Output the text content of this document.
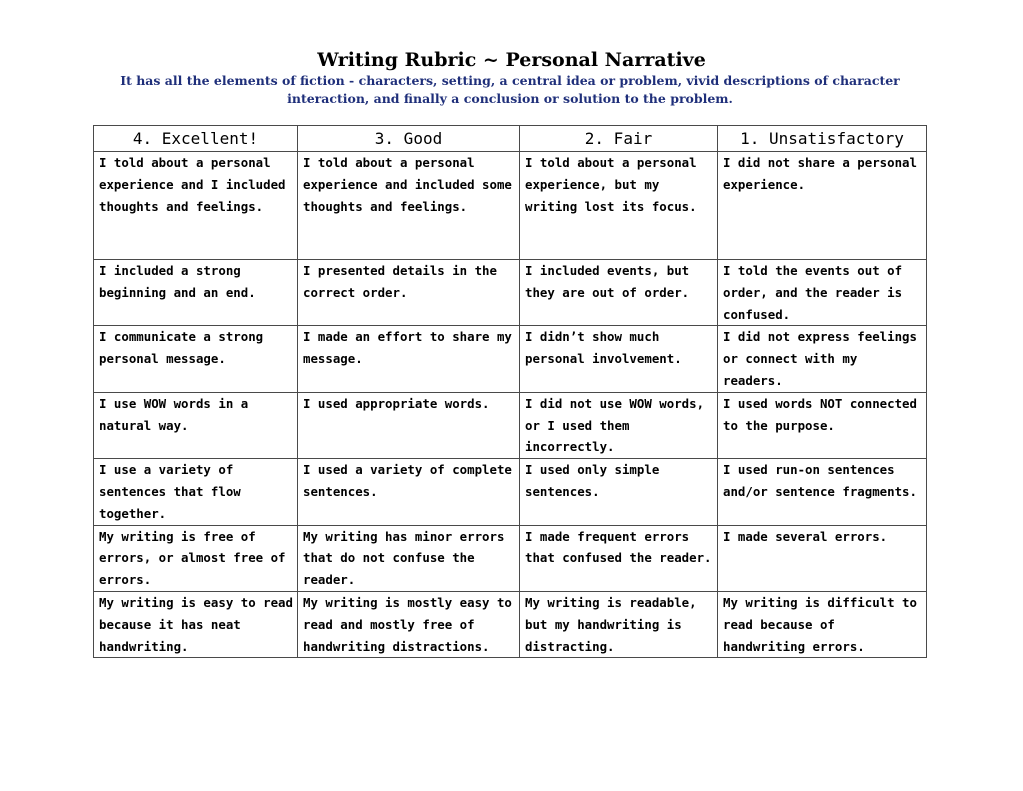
Writing Rubric ~ Personal Narrative

It has all the elements of fiction - characters, setting, a central idea or problem, vivid descriptions of character interaction, and finally a conclusion or solution to the problem.

4. Excellent!	3. Good	2. Fair	1. Unsatisfactory
I told about a personal experience and I included thoughts and feelings.	I told about a personal experience and included some thoughts and feelings.	I told about a personal experience, but my writing lost its focus.	I did not share a personal experience.
I included a strong beginning and an end.	I presented details in the correct order.	I included events, but they are out of order.	I told the events out of order, and the reader is confused.
I communicate a strong personal message.	I made an effort to share my message.	I didn’t show much personal involvement.	I did not express feelings or connect with my readers.
I use WOW words in a natural way.	I used appropriate words.	I did not use WOW words, or I used them incorrectly.	I used words NOT connected to the purpose.
I use a variety of sentences that flow together.	I used a variety of complete sentences.	I used only simple sentences.	I used run-on sentences and/or sentence fragments.
My writing is free of errors, or almost free of errors.	My writing has minor errors that do not confuse the reader.	I made frequent errors that confused the reader.	I made several errors.
My writing is easy to read because it has neat handwriting.	My writing is mostly easy to read and mostly free of handwriting distractions.	My writing is readable, but my handwriting is distracting.	My writing is difficult to read because of handwriting errors.
